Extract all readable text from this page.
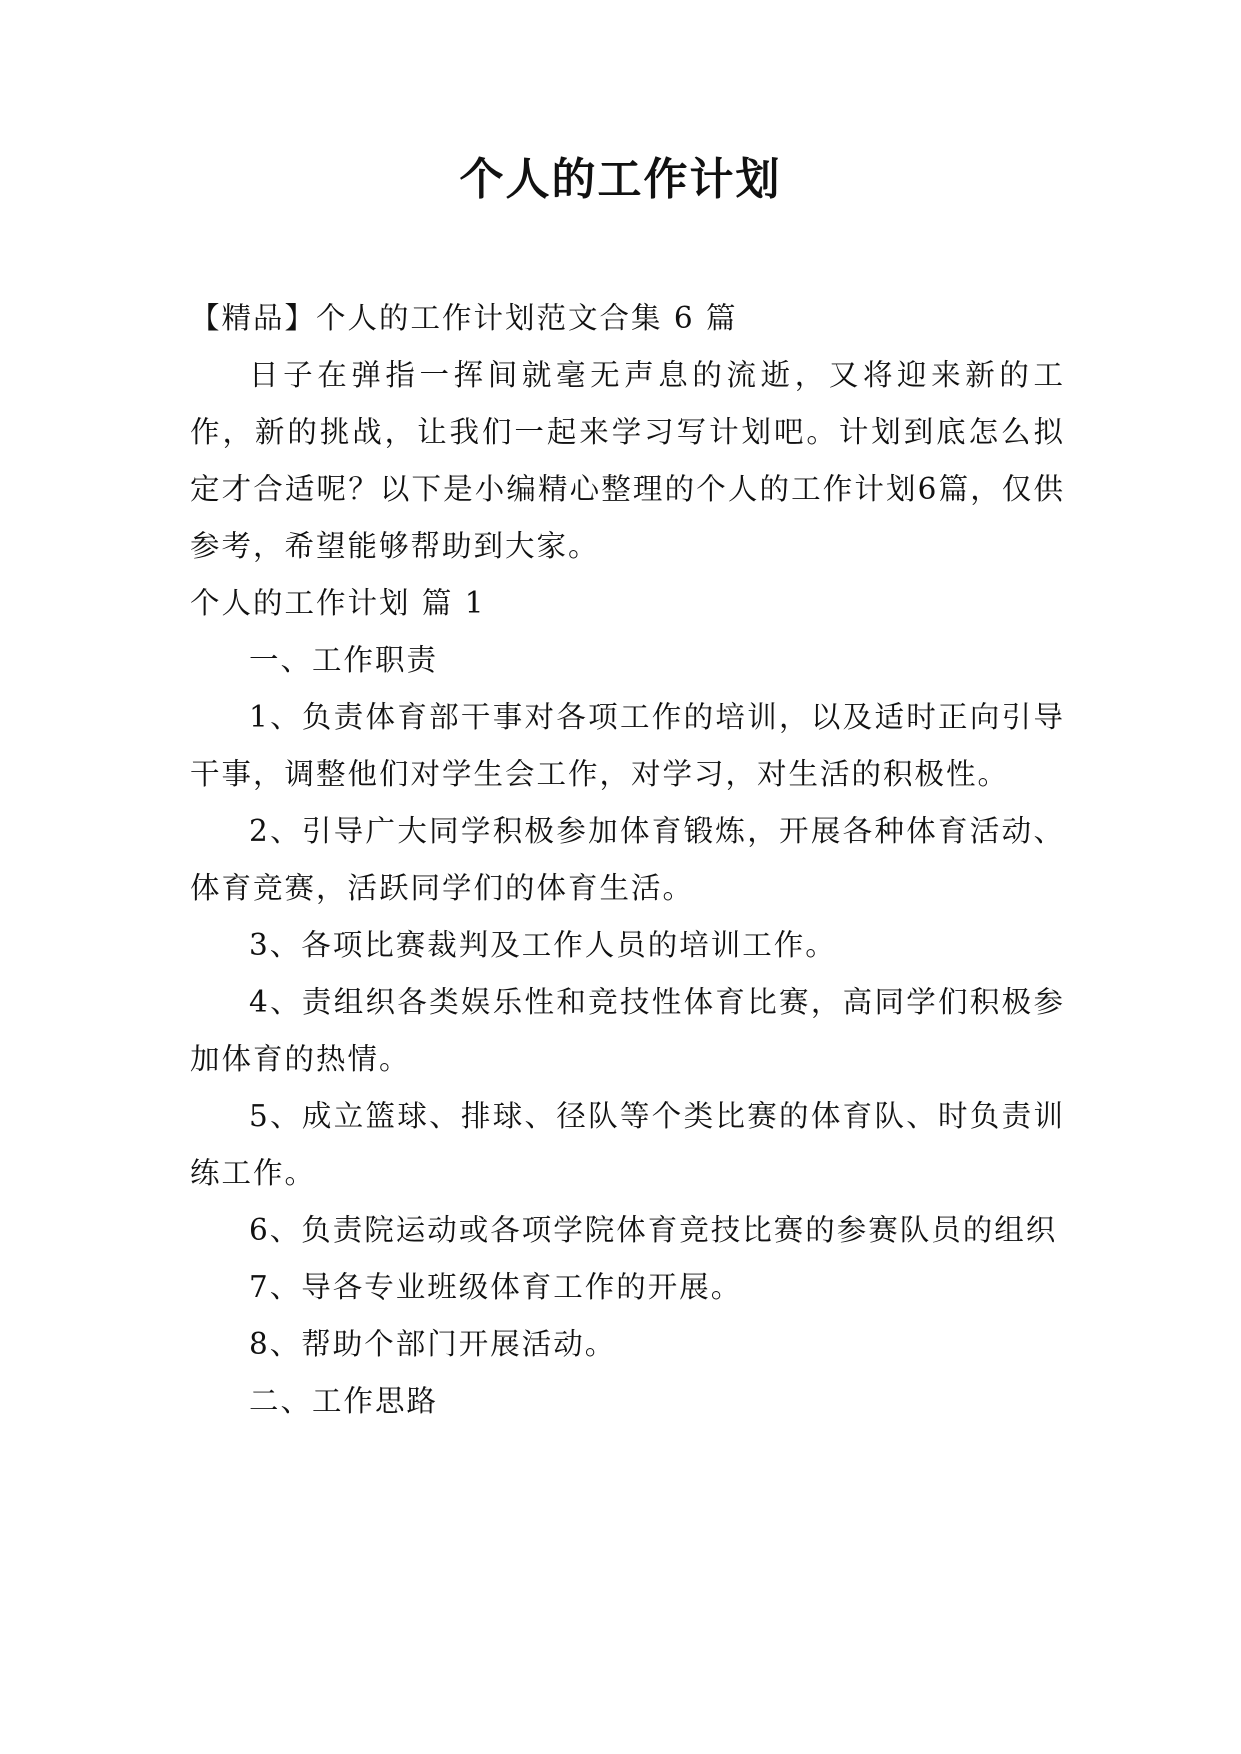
个人的工作计划

【精品】个人的工作计划范文合集 6 篇

日子在弹指一挥间就毫无声息的流逝，又将迎来新的工作，新的挑战，让我们一起来学习写计划吧。计划到底怎么拟定才合适呢？以下是小编精心整理的个人的工作计划6篇，仅供参考，希望能够帮助到大家。

个人的工作计划 篇 1

一、工作职责

1、负责体育部干事对各项工作的培训，以及适时正向引导干事，调整他们对学生会工作，对学习，对生活的积极性。

2、引导广大同学积极参加体育锻炼，开展各种体育活动、体育竞赛，活跃同学们的体育生活。

3、各项比赛裁判及工作人员的培训工作。

4、责组织各类娱乐性和竞技性体育比赛，高同学们积极参加体育的热情。

5、成立篮球、排球、径队等个类比赛的体育队、时负责训练工作。

6、负责院运动或各项学院体育竞技比赛的参赛队员的组织

7、导各专业班级体育工作的开展。

8、帮助个部门开展活动。

二、工作思路
